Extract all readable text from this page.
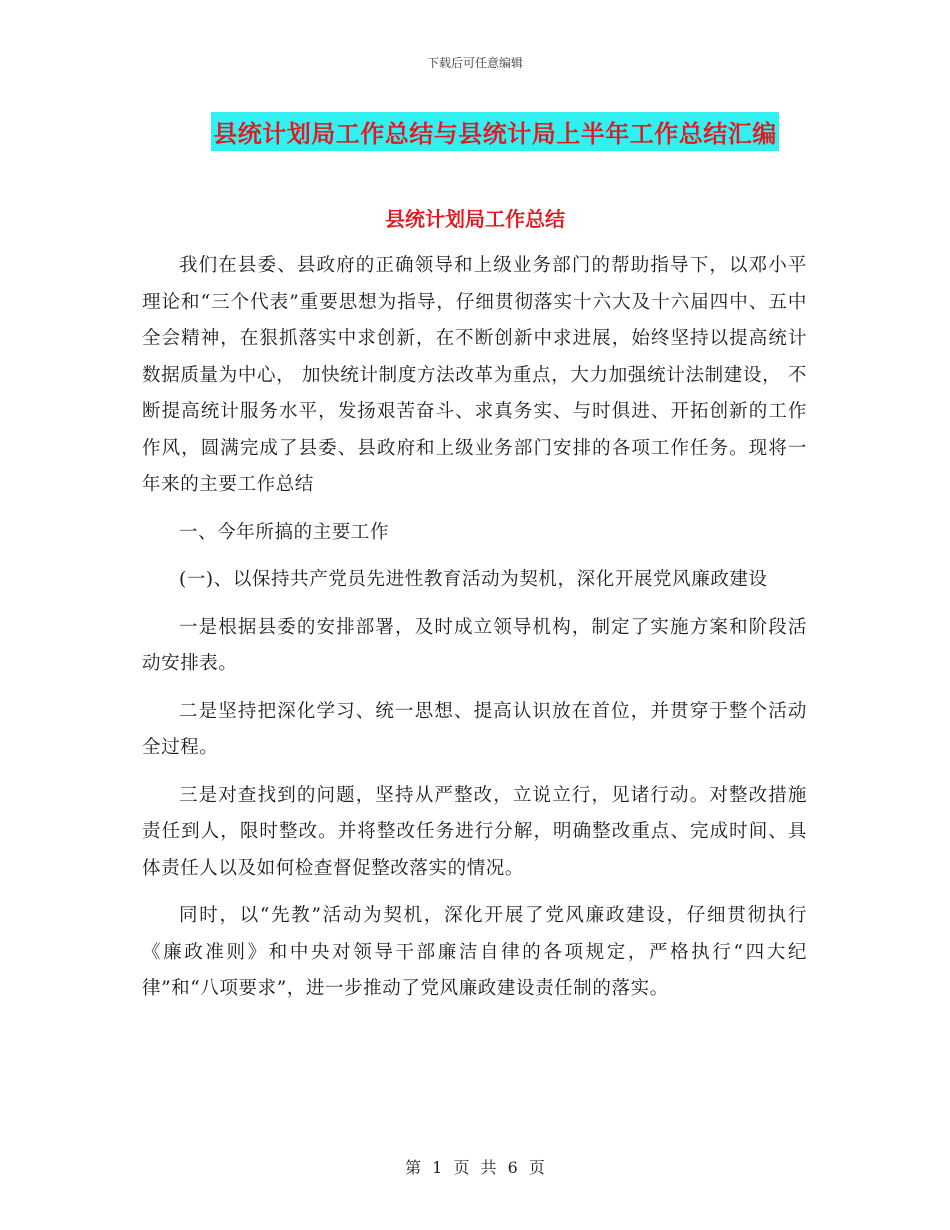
下载后可任意编辑
县统计划局工作总结与县统计局上半年工作总结汇编
县统计划局工作总结

我们在县委、县政府的正确领导和上级业务部门的帮助指导下，以邓小平理论和“三个代表”重要思想为指导，仔细贯彻落实十六大及十六届四中、五中全会精神，在狠抓落实中求创新，在不断创新中求进展，始终坚持以提高统计数据质量为中心， 加快统计制度方法改革为重点，大力加强统计法制建设， 不断提高统计服务水平，发扬艰苦奋斗、求真务实、与时俱进、开拓创新的工作作风，圆满完成了县委、县政府和上级业务部门安排的各项工作任务。现将一年来的主要工作总结

一、今年所搞的主要工作

(一)、以保持共产党员先进性教育活动为契机，深化开展党风廉政建设

一是根据县委的安排部署，及时成立领导机构，制定了实施方案和阶段活动安排表。

二是坚持把深化学习、统一思想、提高认识放在首位，并贯穿于整个活动全过程。

三是对查找到的问题，坚持从严整改，立说立行，见诸行动。对整改措施责任到人，限时整改。并将整改任务进行分解，明确整改重点、完成时间、具体责任人以及如何检查督促整改落实的情况。

同时，以“先教”活动为契机，深化开展了党风廉政建设，仔细贯彻执行《廉政准则》和中央对领导干部廉洁自律的各项规定，严格执行“四大纪律”和“八项要求”，进一步推动了党风廉政建设责任制的落实。

第 1 页 共 6 页
